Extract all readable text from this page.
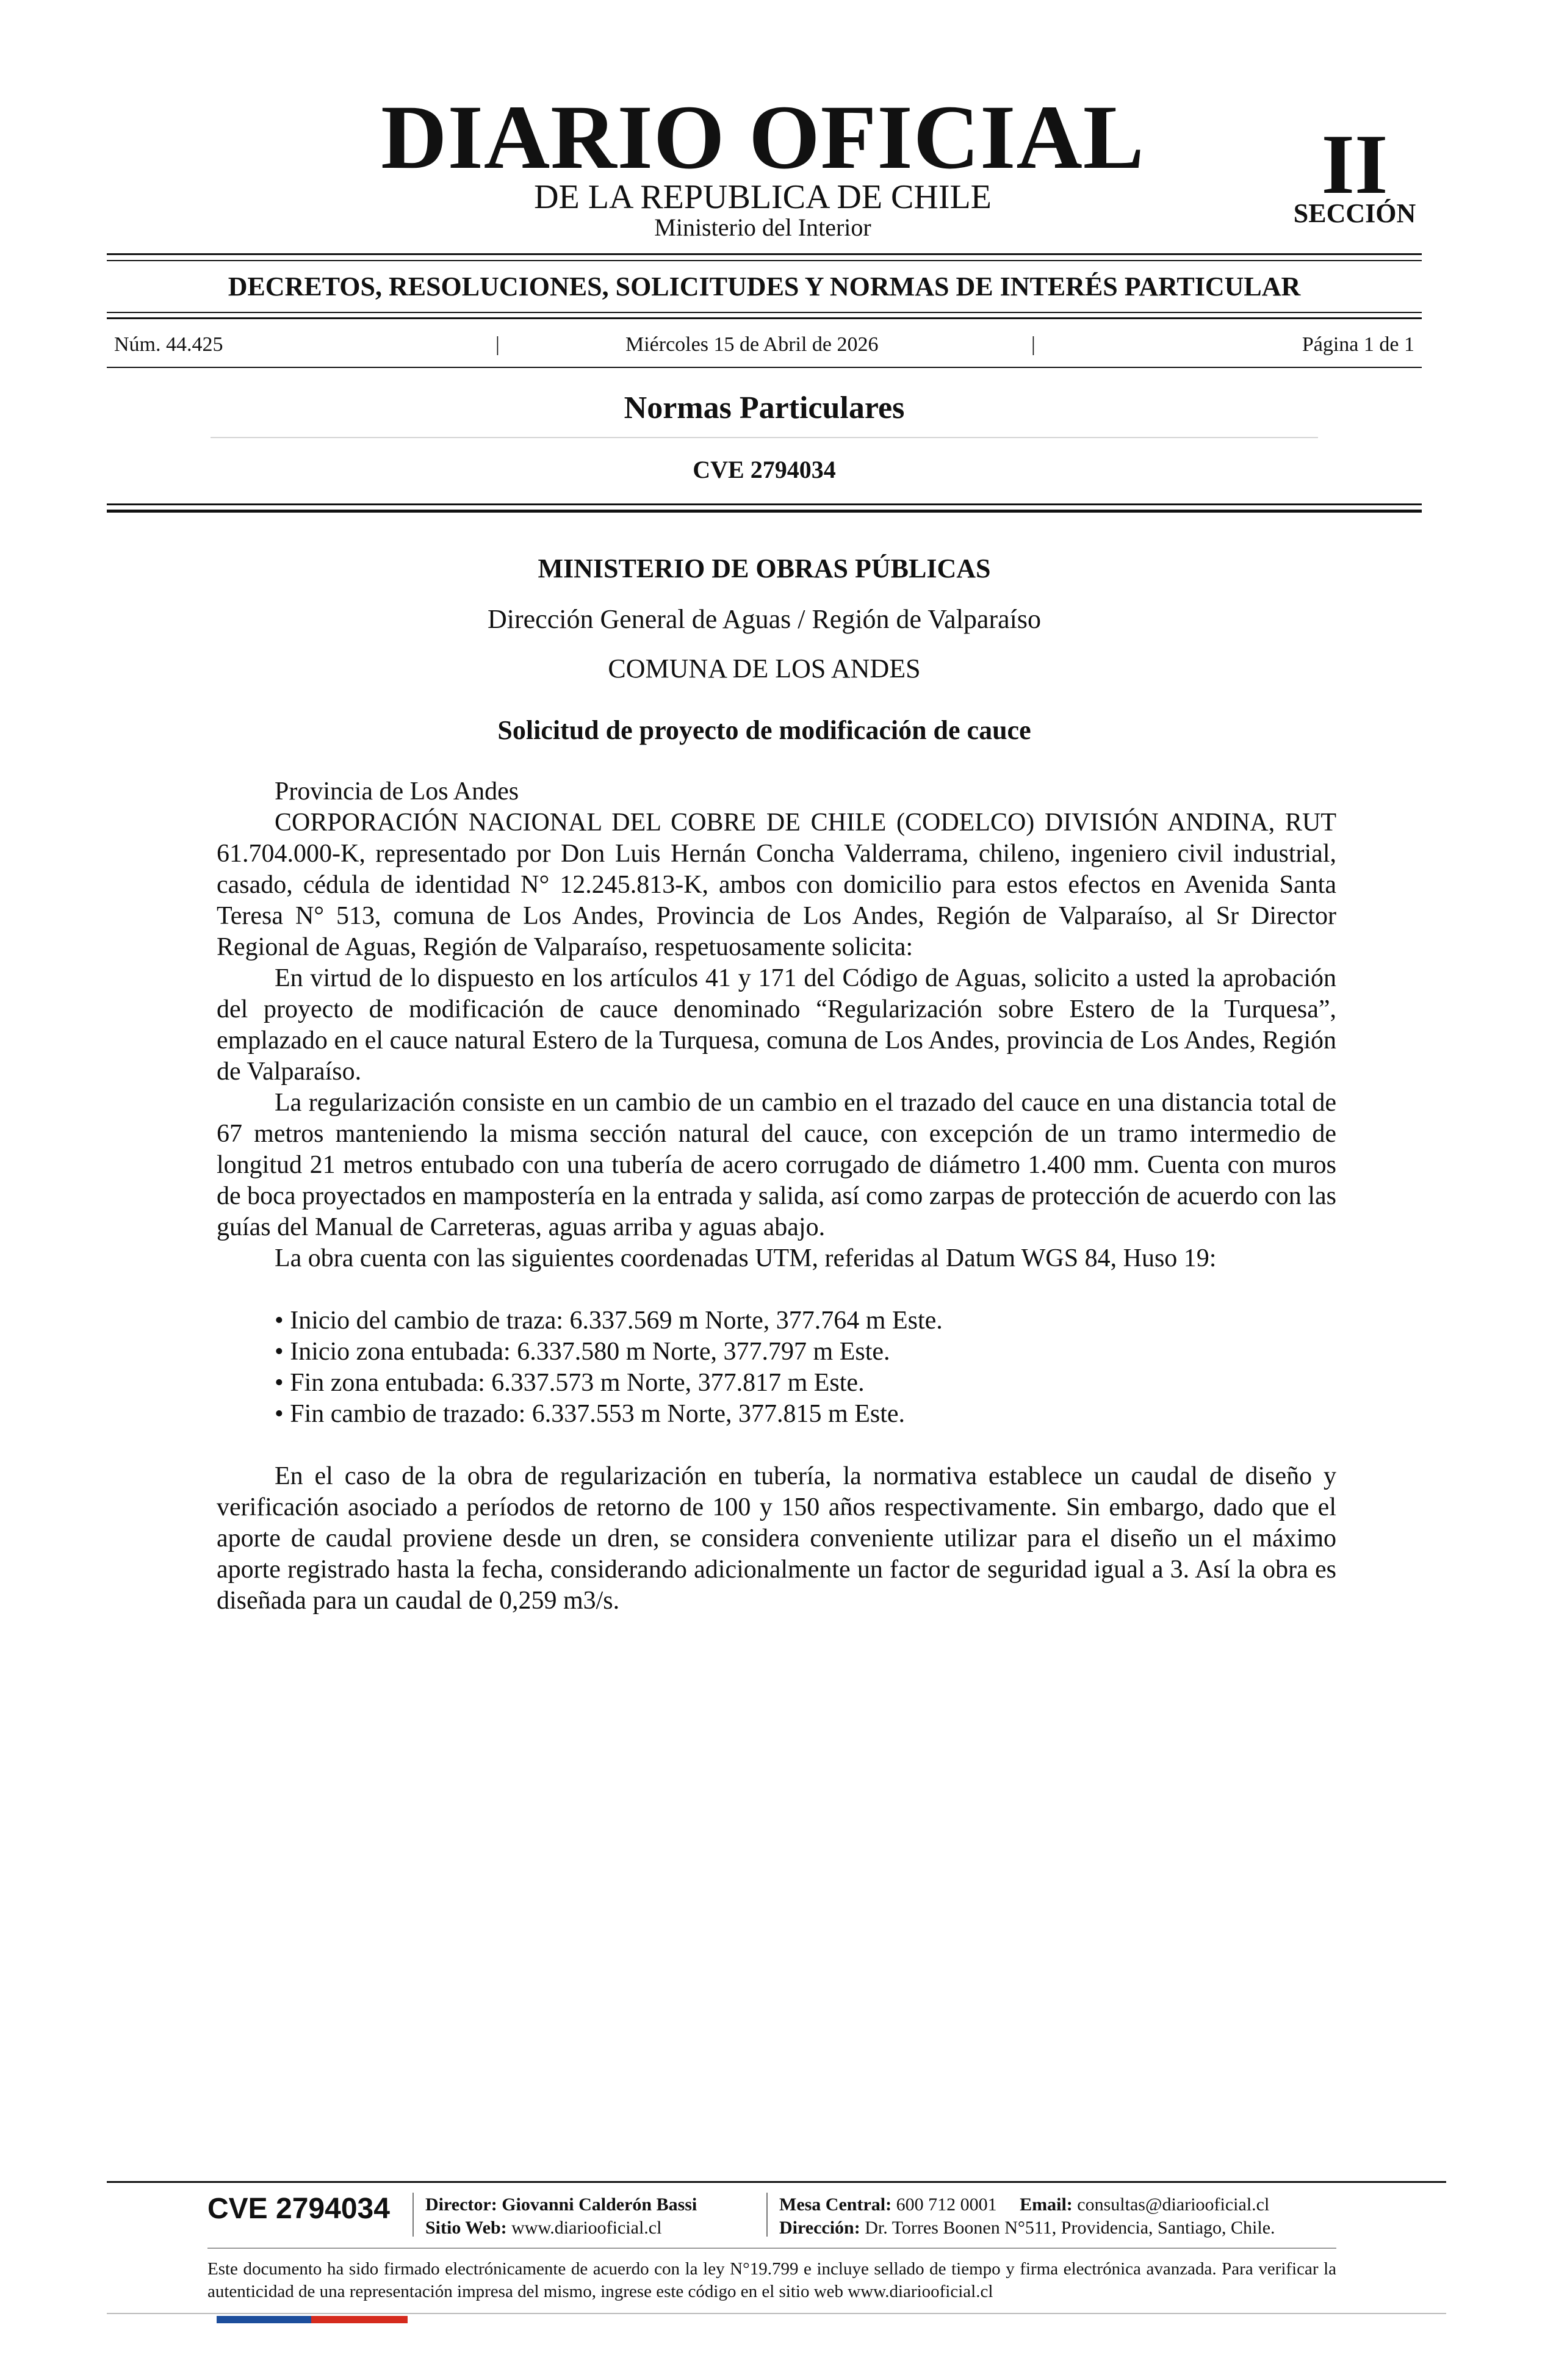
DIARIO OFICIAL
DE LA REPUBLICA DE CHILE
Ministerio del Interior
II
SECCIÓN
DECRETOS, RESOLUCIONES, SOLICITUDES Y NORMAS DE INTERÉS PARTICULAR
Núm. 44.425	|	Miércoles 15 de Abril de 2026	|	Página 1 de 1
Normas Particulares
CVE 2794034
MINISTERIO DE OBRAS PÚBLICAS
Dirección General de Aguas / Región de Valparaíso
COMUNA DE LOS ANDES
Solicitud de proyecto de modificación de cauce

Provincia de Los Andes

CORPORACIÓN NACIONAL DEL COBRE DE CHILE (CODELCO) DIVISIÓN ANDINA, RUT 61.704.000-K, representado por Don Luis Hernán Concha Valderrama, chileno, ingeniero civil industrial, casado, cédula de identidad N° 12.245.813-K, ambos con domicilio para estos efectos en Avenida Santa Teresa N° 513, comuna de Los Andes, Provincia de Los Andes, Región de Valparaíso, al Sr Director Regional de Aguas, Región de Valparaíso, respetuosamente solicita:

En virtud de lo dispuesto en los artículos 41 y 171 del Código de Aguas, solicito a usted la aprobación del proyecto de modificación de cauce denominado “Regularización sobre Estero de la Turquesa”, emplazado en el cauce natural Estero de la Turquesa, comuna de Los Andes, provincia de Los Andes, Región de Valparaíso.

La regularización consiste en un cambio de un cambio en el trazado del cauce en una distancia total de 67 metros manteniendo la misma sección natural del cauce, con excepción de un tramo intermedio de longitud 21 metros entubado con una tubería de acero corrugado de diámetro 1.400 mm. Cuenta con muros de boca proyectados en mampostería en la entrada y salida, así como zarpas de protección de acuerdo con las guías del Manual de Carreteras, aguas arriba y aguas abajo.

La obra cuenta con las siguientes coordenadas UTM, referidas al Datum WGS 84, Huso 19:

• Inicio del cambio de traza: 6.337.569 m Norte, 377.764 m Este.
• Inicio zona entubada: 6.337.580 m Norte, 377.797 m Este.
• Fin zona entubada: 6.337.573 m Norte, 377.817 m Este.
• Fin cambio de trazado: 6.337.553 m Norte, 377.815 m Este.

En el caso de la obra de regularización en tubería, la normativa establece un caudal de diseño y verificación asociado a períodos de retorno de 100 y 150 años respectivamente. Sin embargo, dado que el aporte de caudal proviene desde un dren, se considera conveniente utilizar para el diseño un el máximo aporte registrado hasta la fecha, considerando adicionalmente un factor de seguridad igual a 3. Así la obra es diseñada para un caudal de 0,259 m3/s.

CVE 2794034 Director: Giovanni Calderón Bassi
Sitio Web: www.diariooficial.cl
Mesa Central: 600 712 0001 Email: consultas@diariooficial.cl
Dirección: Dr. Torres Boonen N°511, Providencia, Santiago, Chile.
Este documento ha sido firmado electrónicamente de acuerdo con la ley N°19.799 e incluye sellado de tiempo y firma electrónica avanzada. Para verificar la autenticidad de una representación impresa del mismo, ingrese este código en el sitio web www.diariooficial.cl
